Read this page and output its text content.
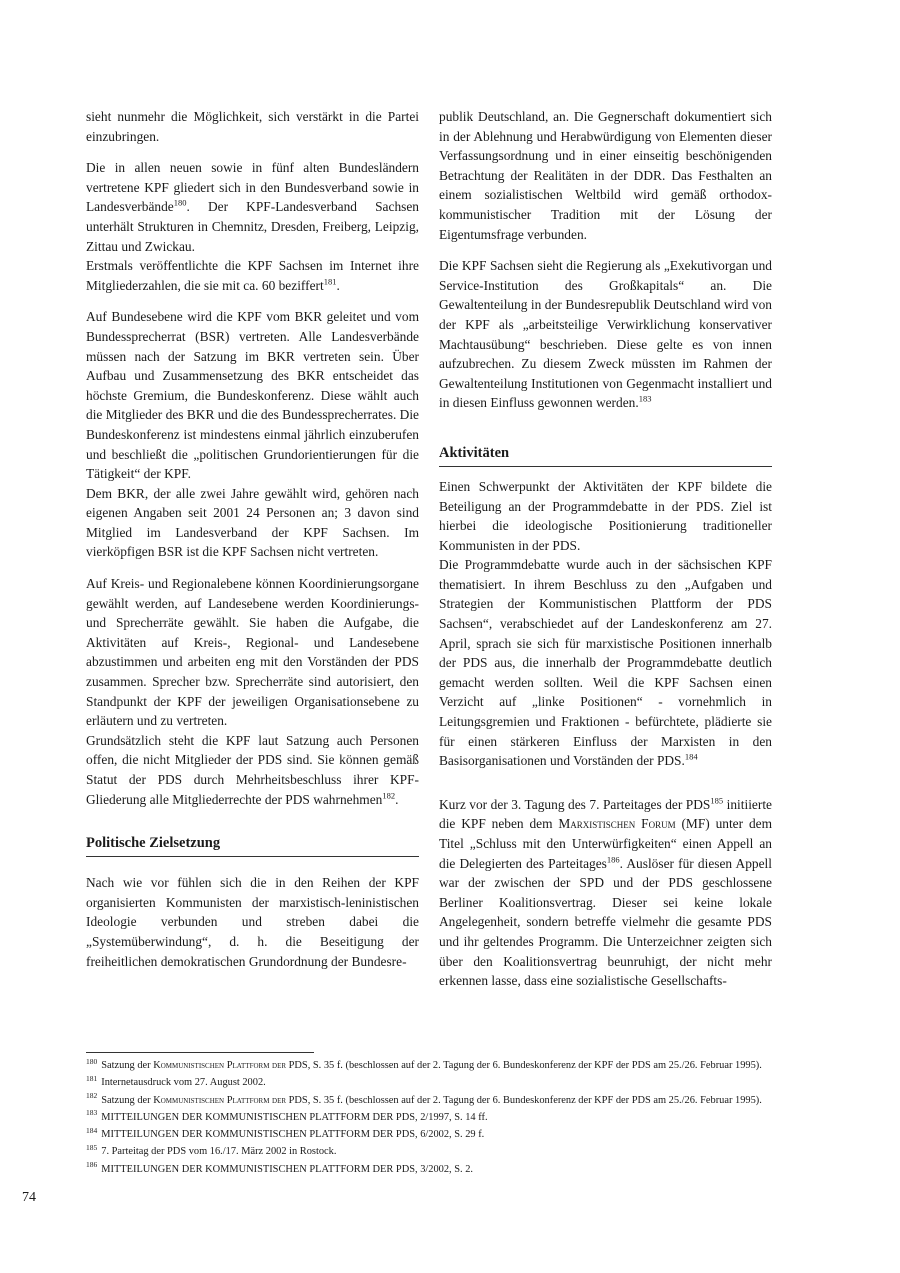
sieht nunmehr die Möglichkeit, sich verstärkt in die Partei einzubringen.

Die in allen neuen sowie in fünf alten Bundesländern vertretene KPF gliedert sich in den Bundesverband sowie in Landesverbände$^{180}$. Der KPF-Landesverband Sachsen unterhält Strukturen in Chemnitz, Dresden, Freiberg, Leipzig, Zittau und Zwickau.

Erstmals veröffentlichte die KPF Sachsen im Internet ihre Mitgliederzahlen, die sie mit ca. 60 beziffert$^{181}$.

Auf Bundesebene wird die KPF vom BKR geleitet und vom Bundessprecherrat (BSR) vertreten. Alle Landesverbände müssen nach der Satzung im BKR vertreten sein. Über Aufbau und Zusammensetzung des BKR entscheidet das höchste Gremium, die Bundeskonferenz. Diese wählt auch die Mitglieder des BKR und die des Bundessprecherrates. Die Bundeskonferenz ist mindestens einmal jährlich einzuberufen und beschließt die „politischen Grundorientierungen für die Tätigkeit“ der KPF.

Dem BKR, der alle zwei Jahre gewählt wird, gehören nach eigenen Angaben seit 2001 24 Personen an; 3 davon sind Mitglied im Landesverband der KPF Sachsen. Im vierköpfigen BSR ist die KPF Sachsen nicht vertreten.

Auf Kreis- und Regionalebene können Koordinierungsorgane gewählt werden, auf Landesebene werden Koordinierungs- und Sprecherräte gewählt. Sie haben die Aufgabe, die Aktivitäten auf Kreis-, Regional- und Landesebene abzustimmen und arbeiten eng mit den Vorständen der PDS zusammen. Sprecher bzw. Sprecherräte sind autorisiert, den Standpunkt der KPF der jeweiligen Organisationsebene zu erläutern und zu vertreten.

Grundsätzlich steht die KPF laut Satzung auch Personen offen, die nicht Mitglieder der PDS sind. Sie können gemäß Statut der PDS durch Mehrheitsbeschluss ihrer KPF-Gliederung alle Mitgliederrechte der PDS wahrnehmen$^{182}$.

Politische Zielsetzung

Nach wie vor fühlen sich die in den Reihen der KPF organisierten Kommunisten der marxistisch-leninistischen Ideologie verbunden und streben dabei die „Systemüberwindung“, d. h. die Beseitigung der freiheitlichen demokratischen Grundordnung der Bundesre-

publik Deutschland, an. Die Gegnerschaft dokumentiert sich in der Ablehnung und Herabwürdigung von Elementen dieser Verfassungsordnung und in einer einseitig beschönigenden Betrachtung der Realitäten in der DDR. Das Festhalten an einem sozialistischen Weltbild wird gemäß orthodox-kommunistischer Tradition mit der Lösung der Eigentumsfrage verbunden.

Die KPF Sachsen sieht die Regierung als „Exekutivorgan und Service-Institution des Großkapitals“ an. Die Gewaltenteilung in der Bundesrepublik Deutschland wird von der KPF als „arbeitsteilige Verwirklichung konservativer Machtausübung“ beschrieben. Diese gelte es von innen aufzubrechen. Zu diesem Zweck müssten im Rahmen der Gewaltenteilung Institutionen von Gegenmacht installiert und in diesen Einfluss gewonnen werden.$^{183}$

Aktivitäten

Einen Schwerpunkt der Aktivitäten der KPF bildete die Beteiligung an der Programmdebatte in der PDS. Ziel ist hierbei die ideologische Positionierung traditioneller Kommunisten in der PDS.

Die Programmdebatte wurde auch in der sächsischen KPF thematisiert. In ihrem Beschluss zu den „Aufgaben und Strategien der Kommunistischen Plattform der PDS Sachsen“, verabschiedet auf der Landeskonferenz am 27. April, sprach sie sich für marxistische Positionen innerhalb der PDS aus, die innerhalb der Programmdebatte deutlich gemacht werden sollten. Weil die KPF Sachsen einen Verzicht auf „linke Positionen“ - vornehmlich in Leitungsgremien und Fraktionen - befürchtete, plädierte sie für einen stärkeren Einfluss der Marxisten in den Basisorganisationen und Vorständen der PDS.$^{184}$

Kurz vor der 3. Tagung des 7. Parteitages der PDS$^{185}$ initiierte die KPF neben dem Marxistischen Forum (MF) unter dem Titel „Schluss mit den Unterwürfigkeiten“ einen Appell an die Delegierten des Parteitages$^{186}$. Auslöser für diesen Appell war der zwischen der SPD und der PDS geschlossene Berliner Koalitionsvertrag. Dieser sei keine lokale Angelegenheit, sondern betreffe vielmehr die gesamte PDS und ihr geltendes Programm. Die Unterzeichner zeigten sich über den Koalitionsvertrag beunruhigt, der nicht mehr erkennen lasse, dass eine sozialistische Gesellschafts-

$^{180}$ Satzung der Kommunistischen Plattform der PDS, S. 35 f. (beschlossen auf der 2. Tagung der 6. Bundeskonferenz der KPF der PDS am 25./26. Februar 1995).

$^{181}$ Internetausdruck vom 27. August 2002.

$^{182}$ Satzung der Kommunistischen Plattform der PDS, S. 35 f. (beschlossen auf der 2. Tagung der 6. Bundeskonferenz der KPF der PDS am 25./26. Februar 1995).

$^{183}$ MITTEILUNGEN DER KOMMUNISTISCHEN PLATTFORM DER PDS, 2/1997, S. 14 ff.

$^{184}$ MITTEILUNGEN DER KOMMUNISTISCHEN PLATTFORM DER PDS, 6/2002, S. 29 f.

$^{185}$ 7. Parteitag der PDS vom 16./17. März 2002 in Rostock.

$^{186}$ MITTEILUNGEN DER KOMMUNISTISCHEN PLATTFORM DER PDS, 3/2002, S. 2.

74
